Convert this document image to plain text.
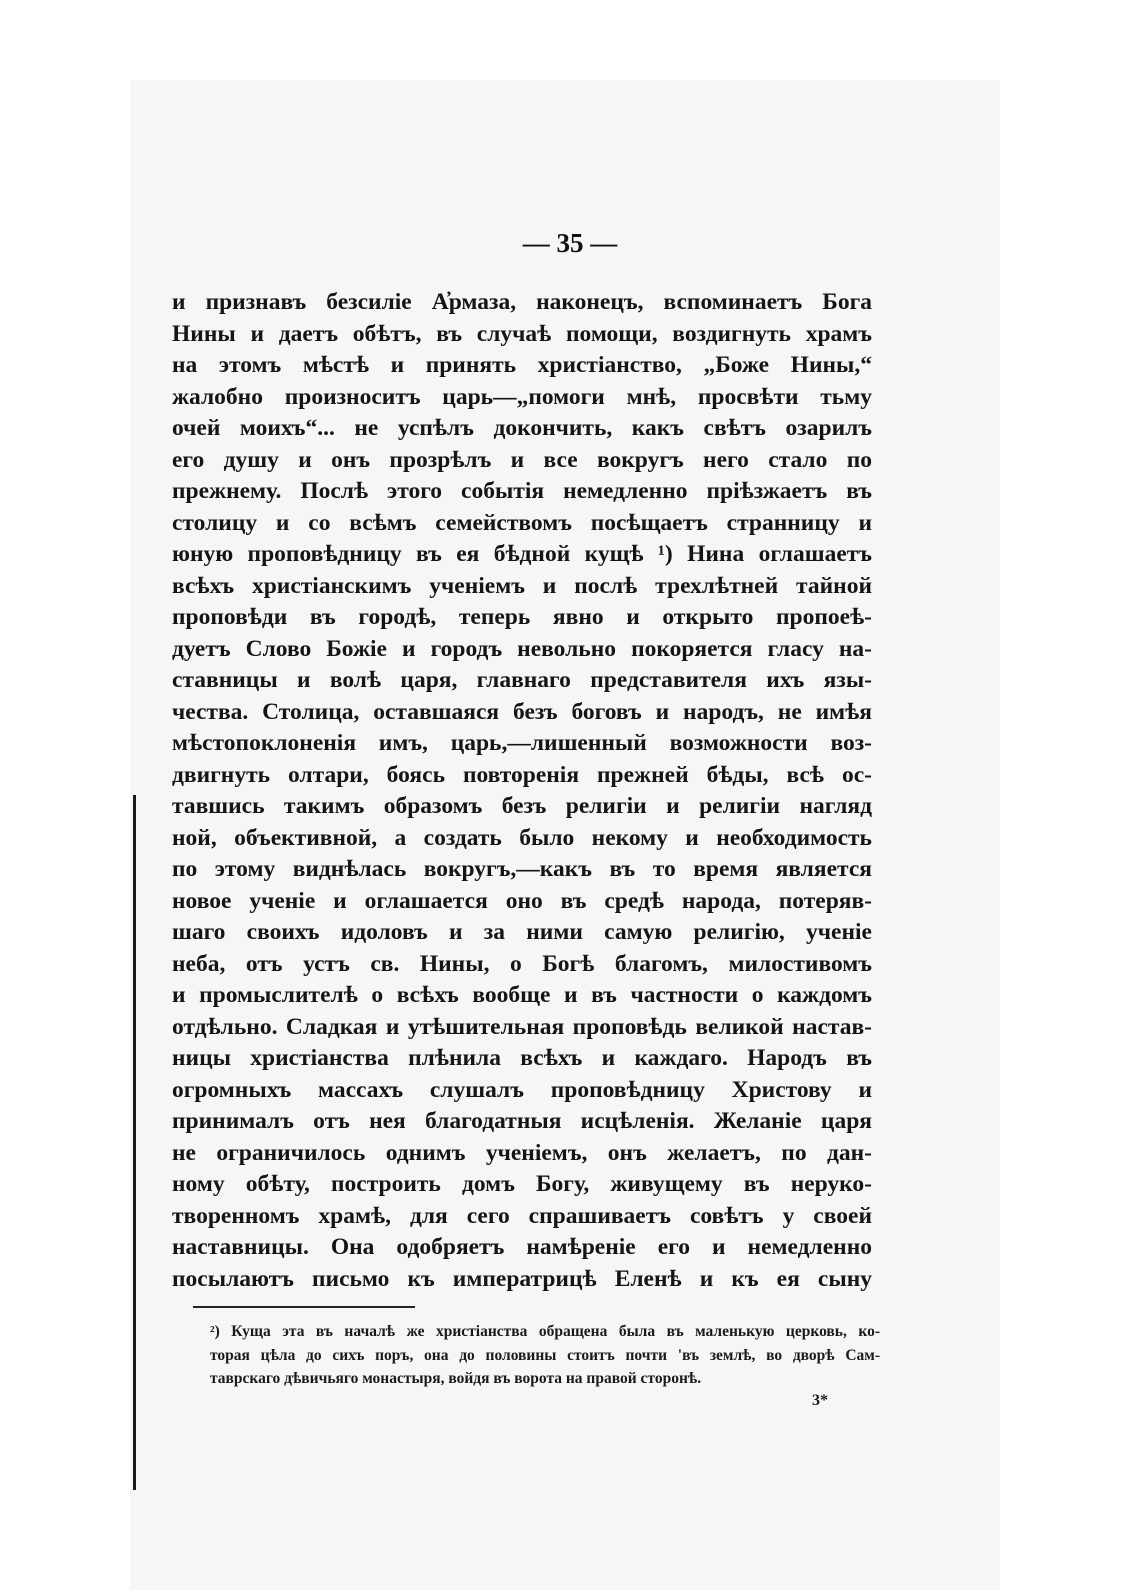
— 35 —
и признавъ безсиліе А̓рмаза, наконецъ, вспоминаетъ Бога
Нины и даетъ обѣтъ, въ случаѣ помощи, воздигнуть храмъ
на этомъ мѣстѣ и принять христіанство, „Боже Нины,“
жалобно произноситъ царь—„помоги мнѣ, просвѣти тьму
очей моихъ“... не успѣлъ докончить, какъ свѣтъ озарилъ
его душу и онъ прозрѣлъ и все вокругъ него стало по
прежнему. Послѣ этого событія немедленно пріѣзжаетъ въ
столицу и со всѣмъ семействомъ посѣщаетъ странницу и
юную проповѣдницу въ ея бѣдной кущѣ ¹) Нина оглашаетъ
всѣхъ христіанскимъ ученіемъ и послѣ трехлѣтней тайной
проповѣди въ городѣ, теперь явно и открыто пропоеѣ-
дуетъ Слово Божіе и городъ невольно покоряется гласу на-
ставницы и волѣ царя, главнаго представителя ихъ язы-
чества. Столица, оставшаяся безъ боговъ и народъ, не имѣя
мѣстопоклоненія имъ, царь,—лишенный возможности воз-
двигнуть олтари, боясь повторенія прежней бѣды, всѣ ос-
тавшись такимъ образомъ безъ религіи и религіи нагляд
ной, объективной, а создать было некому и необходимость
по этому виднѣлась вокругъ,—какъ въ то время является
новое ученіе и оглашается оно въ средѣ народа, потеряв-
шаго своихъ идоловъ и за ними самую религію, ученіе
неба, отъ устъ св. Нины, о Богѣ благомъ, милостивомъ
и промыслителѣ о всѣхъ вообще и въ частности о каждомъ
отдѣльно. Сладкая и утѣшительная проповѣдь великой настав-
ницы христіанства плѣнила всѣхъ и каждаго. Народъ въ
огромныхъ массахъ слушалъ проповѣдницу Христову и
принималъ отъ нея благодатныя исцѣленія. Желаніе царя
не ограничилось однимъ ученіемъ, онъ желаетъ, по дан-
ному обѣту, построить домъ Богу, живущему въ неруко-
творенномъ храмѣ, для сего спрашиваетъ совѣтъ у своей
наставницы. Она одобряетъ намѣреніе его и немедленно
посылаютъ письмо къ императрицѣ Еленѣ и къ ея сыну
²) Куща эта въ началѣ же христіанства обращена была въ маленькую церковь, ко-
торая цѣла до сихъ поръ, она до половины стоитъ почти 'въ землѣ, во дворѣ Сам-
таврскаго дѣвичьяго монастыря, войдя въ ворота на правой сторонѣ.
3*
